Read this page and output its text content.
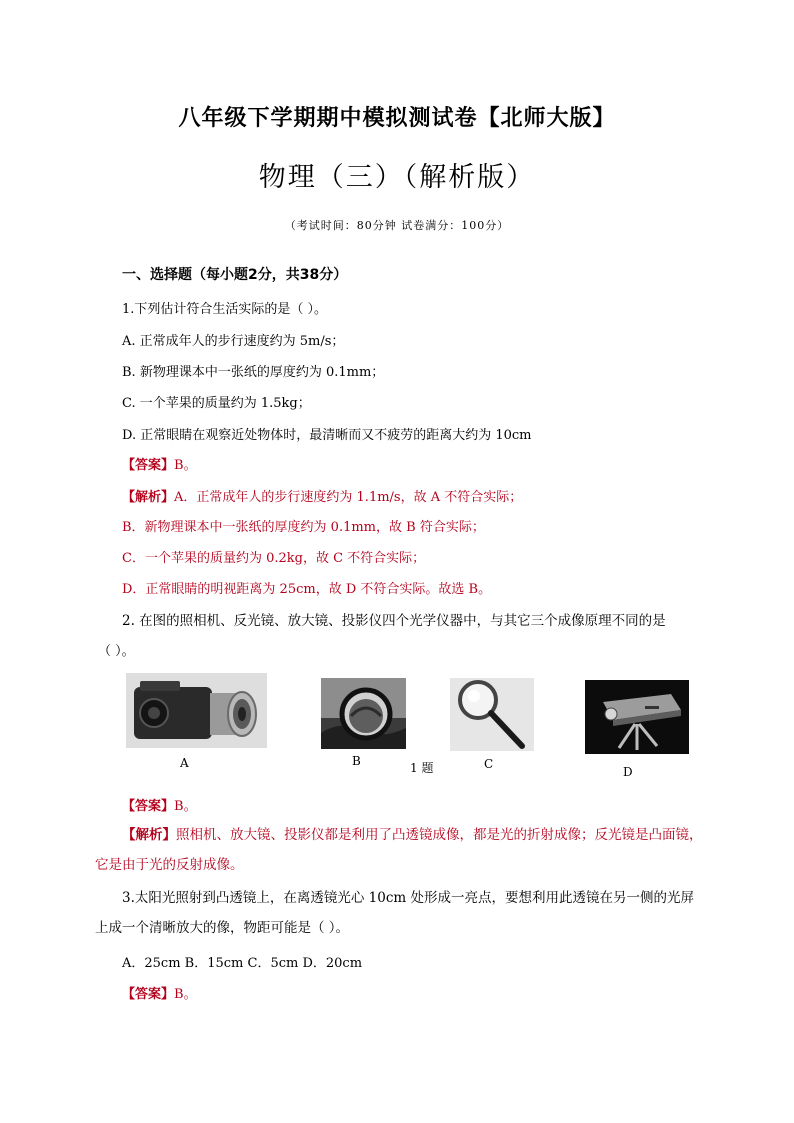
八年级下学期期中模拟测试卷【北师大版】
物理（三）（解析版）
（考试时间：80分钟 试卷满分：100分）
一、选择题（每小题2分，共38分）
1.下列估计符合生活实际的是（ ）。
A. 正常成年人的步行速度约为 5m/s；
B. 新物理课本中一张纸的厚度约为 0.1mm；
C. 一个苹果的质量约为 1.5kg；
D. 正常眼睛在观察近处物体时，最清晰而又不疲劳的距离大约为 10cm
【答案】B。
【解析】A．正常成年人的步行速度约为 1.1m/s，故 A 不符合实际；
B．新物理课本中一张纸的厚度约为 0.1mm，故 B 符合实际；
C．一个苹果的质量约为 0.2kg，故 C 不符合实际；
D．正常眼睛的明视距离为 25cm，故 D 不符合实际。故选 B。
2. 在图的照相机、反光镜、放大镜、投影仪四个光学仪器中，与其它三个成像原理不同的是
（ ）。
A	B	C
1 题	D
【答案】B。
【解析】照相机、放大镜、投影仪都是利用了凸透镜成像，都是光的折射成像；反光镜是凸面镜，它是由于光的反射成像。
3.太阳光照射到凸透镜上，在离透镜光心 10cm 处形成一亮点，要想利用此透镜在另一侧的光屏上成一个清晰放大的像，物距可能是（ ）。
A．25cm B．15cm C．5cm D．20cm
【答案】B。
